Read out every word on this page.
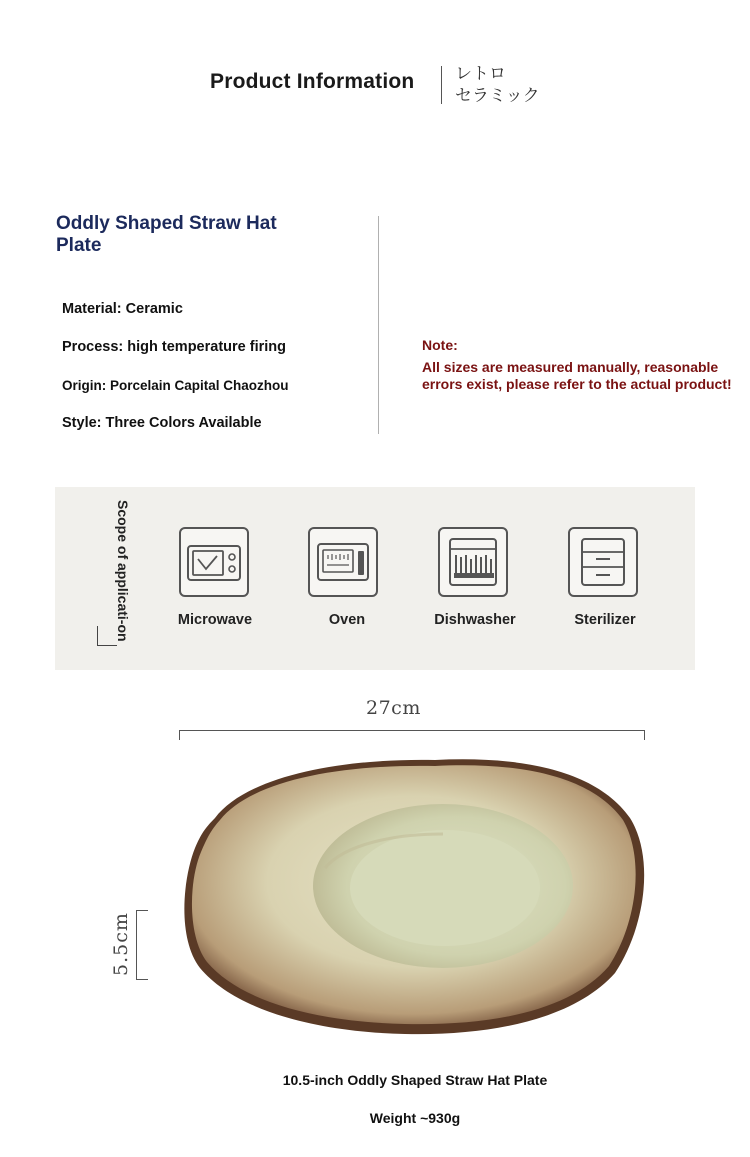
Product Information レトロ
セラミック
Oddly Shaped Straw Hat Plate
Material: Ceramic
Process: high temperature firing
Origin: Porcelain Capital Chaozhou
Style: Three Colors Available
Note:
All sizes are measured manually, reasonable errors exist, please refer to the actual product!
Scope of applicati-on	Microwave	Oven	Dishwasher	Sterilizer
27cm
5.5cm
10.5-inch Oddly Shaped Straw Hat Plate
Weight ~930g
